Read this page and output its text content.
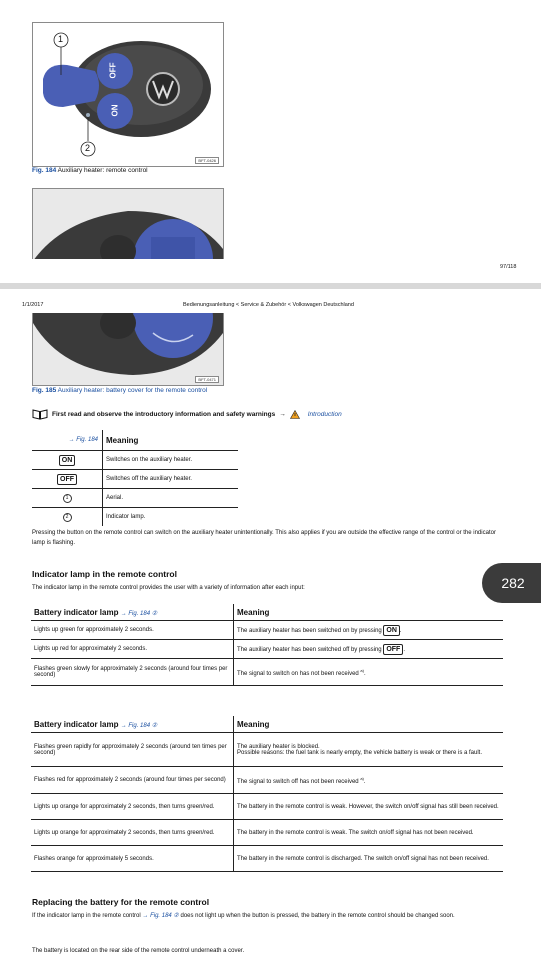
OFF
ON
1
2
BFT-0426
Fig. 184 Auxiliary heater: remote control
97/118
1/1/2017	Bedienungsanleitung < Service & Zubehör < Volkswagen Deutschland
BFT-0471
Fig. 185 Auxiliary heater: battery cover for the remote control
First read and observe the introductory information and safety warnings →	Introduction
→ Fig. 184	Meaning
ON	Switches on the auxiliary heater.
OFF	Switches off the auxiliary heater.
1	Aerial.
2	Indicator lamp.
Pressing the button on the remote control can switch on the auxiliary heater unintentionally. This also applies if you are outside the effective range of the control or the indicator lamp is flashing.
Indicator lamp in the remote control
The indicator lamp in the remote control provides the user with a variety of information after each input:	282
Battery indicator lamp → Fig. 184 ②	Meaning
Lights up green for approximately 2 seconds.	The auxiliary heater has been switched on by pressing ON .
Lights up red for approximately 2 seconds.	The auxiliary heater has been switched off by pressing OFF .
Flashes green slowly for approximately 2 seconds (around four times per second)	The signal to switch on has not been received $^{a)}$.
Battery indicator lamp → Fig. 184 ②	Meaning
Flashes green rapidly for approximately 2 seconds (around ten times per second)	The auxiliary heater is blocked.
Possible reasons: the fuel tank is nearly empty, the vehicle battery is weak or there is a fault.

Flashes red for approximately 2 seconds (around four times per second)	The signal to switch off has not been received $^{a)}$.
Lights up orange for approximately 2 seconds, then turns green/red.	The battery in the remote control is weak. However, the switch on/off signal has still been received.
Lights up orange for approximately 2 seconds, then turns green/red.	The battery in the remote control is weak. The switch on/off signal has not been received.
Flashes orange for approximately 5 seconds.	The battery in the remote control is discharged. The switch on/off signal has not been received.
Replacing the battery for the remote control
If the indicator lamp in the remote control → Fig. 184 ② does not light up when the button is pressed, the battery in the remote control should be changed soon.
The battery is located on the rear side of the remote control underneath a cover.
